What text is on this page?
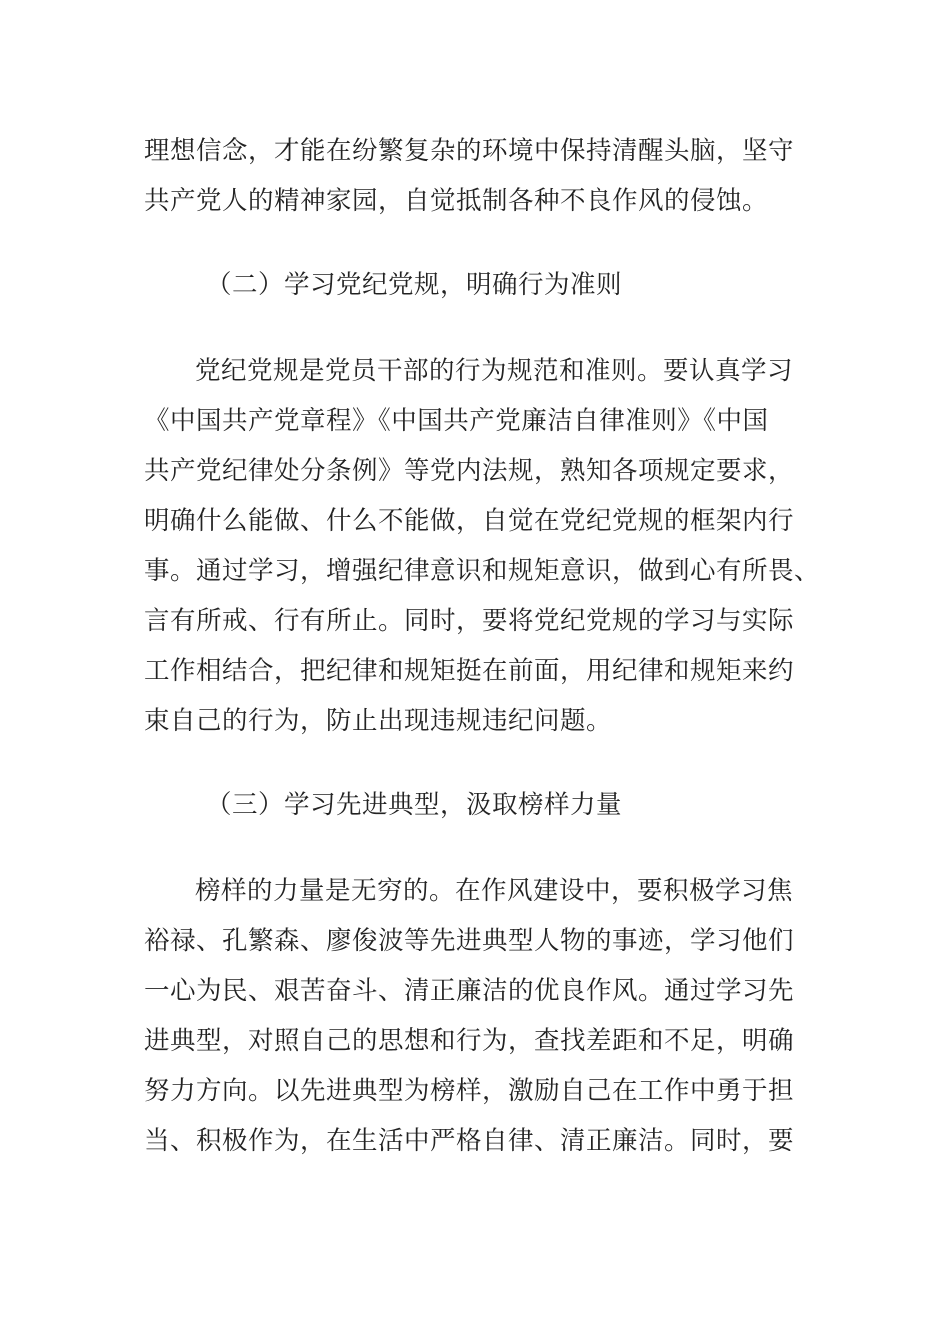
理想信念，才能在纷繁复杂的环境中保持清醒头脑，坚守
共产党人的精神家园，自觉抵制各种不良作风的侵蚀。
（二）学习党纪党规，明确行为准则
党纪党规是党员干部的行为规范和准则。要认真学习
《中国共产党章程》《中国共产党廉洁自律准则》《中国
共产党纪律处分条例》等党内法规，熟知各项规定要求，
明确什么能做、什么不能做，自觉在党纪党规的框架内行
事。通过学习，增强纪律意识和规矩意识，做到心有所畏、
言有所戒、行有所止。同时，要将党纪党规的学习与实际
工作相结合，把纪律和规矩挺在前面，用纪律和规矩来约
束自己的行为，防止出现违规违纪问题。
（三）学习先进典型，汲取榜样力量
榜样的力量是无穷的。在作风建设中，要积极学习焦
裕禄、孔繁森、廖俊波等先进典型人物的事迹，学习他们
一心为民、艰苦奋斗、清正廉洁的优良作风。通过学习先
进典型，对照自己的思想和行为，查找差距和不足，明确
努力方向。以先进典型为榜样，激励自己在工作中勇于担
当、积极作为，在生活中严格自律、清正廉洁。同时，要
